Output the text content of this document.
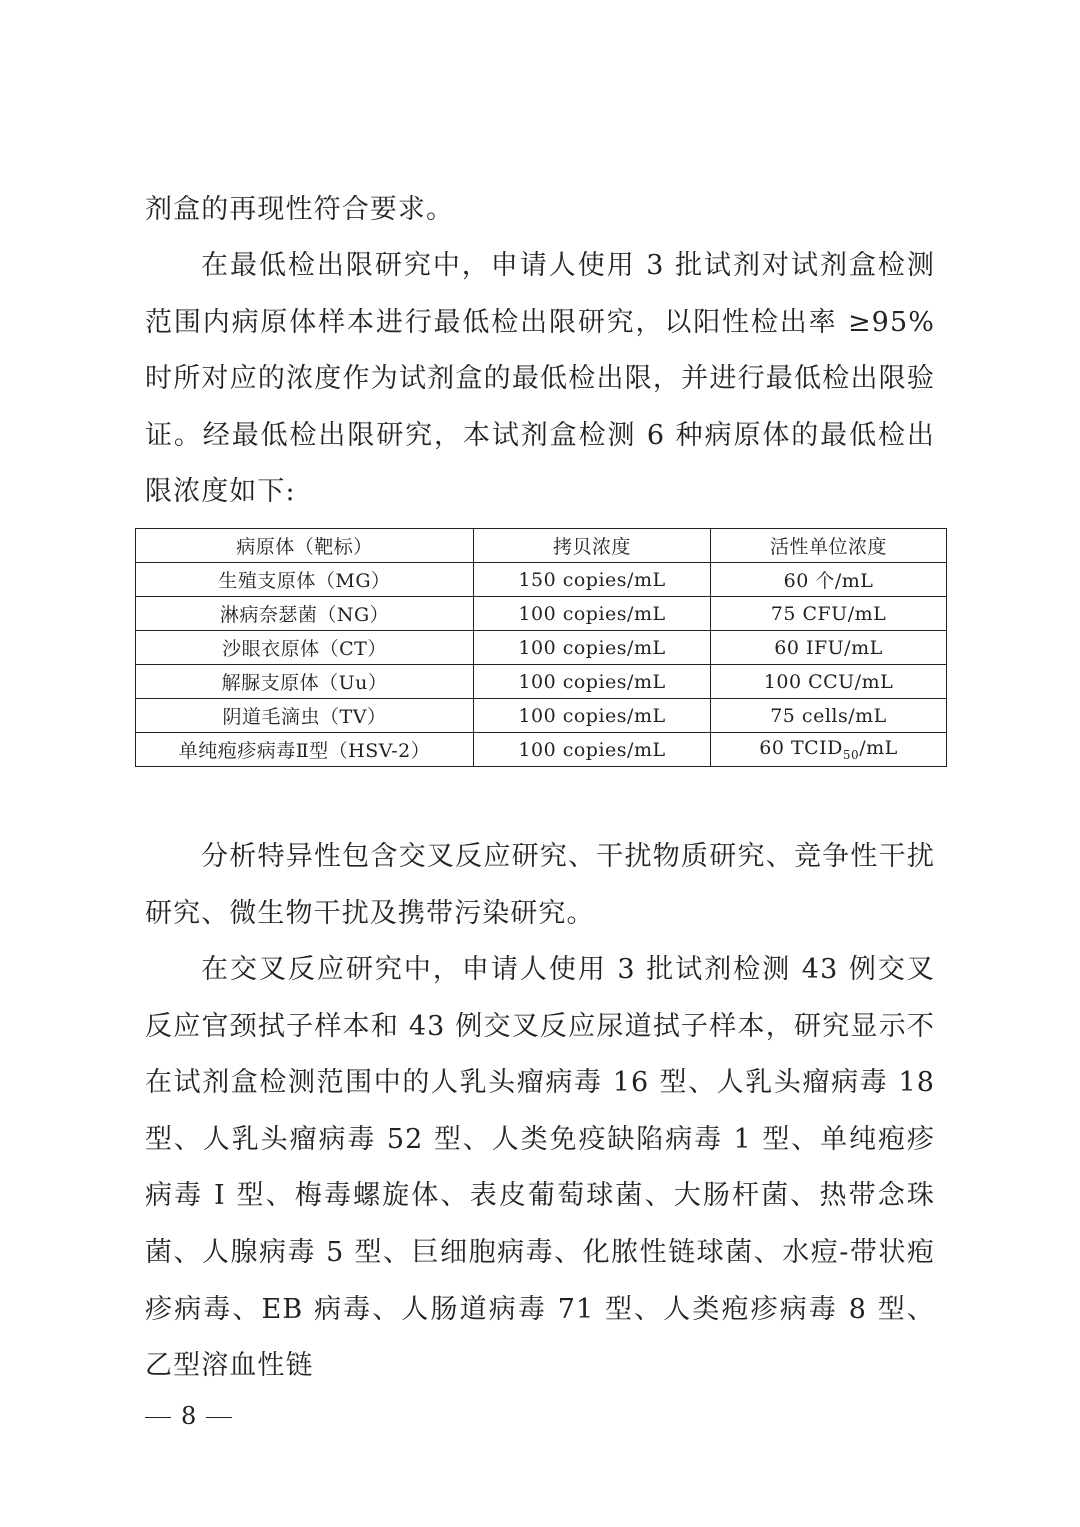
剂盒的再现性符合要求。

在最低检出限研究中，申请人使用 3 批试剂对试剂盒检测范围内病原体样本进行最低检出限研究，以阳性检出率 ≥95%时所对应的浓度作为试剂盒的最低检出限，并进行最低检出限验证。经最低检出限研究，本试剂盒检测 6 种病原体的最低检出限浓度如下:

病原体（靶标）	拷贝浓度	活性单位浓度
生殖支原体（MG）	150 copies/mL	60 个/mL
淋病奈瑟菌（NG）	100 copies/mL	75 CFU/mL
沙眼衣原体（CT）	100 copies/mL	60 IFU/mL
解脲支原体（Uu）	100 copies/mL	100 CCU/mL
阴道毛滴虫（TV）	100 copies/mL	75 cells/mL
单纯疱疹病毒Ⅱ型（HSV-2）	100 copies/mL	60 $TCID_{50}/mL$

分析特异性包含交叉反应研究、干扰物质研究、竞争性干扰研究、微生物干扰及携带污染研究。

在交叉反应研究中，申请人使用 3 批试剂检测 43 例交叉反应官颈拭子样本和 43 例交叉反应尿道拭子样本，研究显示不在试剂盒检测范围中的人乳头瘤病毒 16 型、人乳头瘤病毒 18 型、人乳头瘤病毒 52 型、人类免疫缺陷病毒 1 型、单纯疱疹病毒 I 型、梅毒螺旋体、表皮葡萄球菌、大肠杆菌、热带念珠菌、人腺病毒 5 型、巨细胞病毒、化脓性链球菌、水痘-带状疱疹病毒、EB 病毒、人肠道病毒 71 型、人类疱疹病毒 8 型、乙型溶血性链

8
